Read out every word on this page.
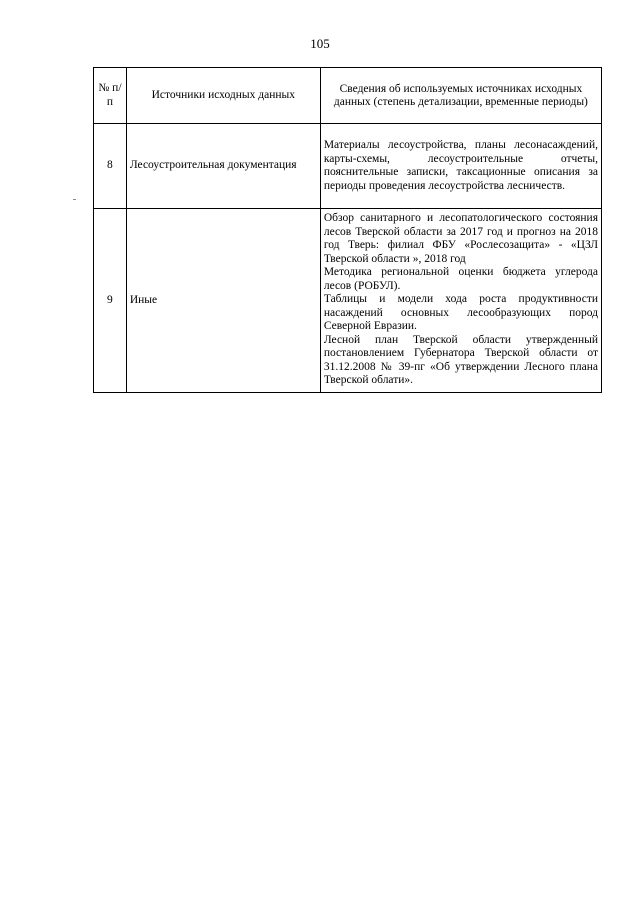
105
№ п/п	Источники исходных данных	Сведения об используемых источниках исходных данных (степень детализации, временные периоды)
8	Лесоустроительная документация	Материалы лесоустройства, планы лесонасаждений, карты-схемы, лесоустроительные отчеты, пояснительные записки, таксационные описания за периоды проведения лесоустройства лесничеств.

9	Иные	Обзор санитарного и лесопатологического состояния лесов Тверской области за 2017 год и прогноз на 2018 год Тверь: филиал ФБУ «Рослесозащита» - «ЦЗЛ Тверской области », 2018 год
Методика региональной оценки бюджета углерода лесов (РОБУЛ).
Таблицы и модели хода роста продуктивности насаждений основных лесообразующих пород Северной Евразии.
Лесной план Тверской области утвержденный постановлением Губернатора Тверской области от 31.12.2008 № 39-пг «Об утверждении Лесного плана Тверской облати».
